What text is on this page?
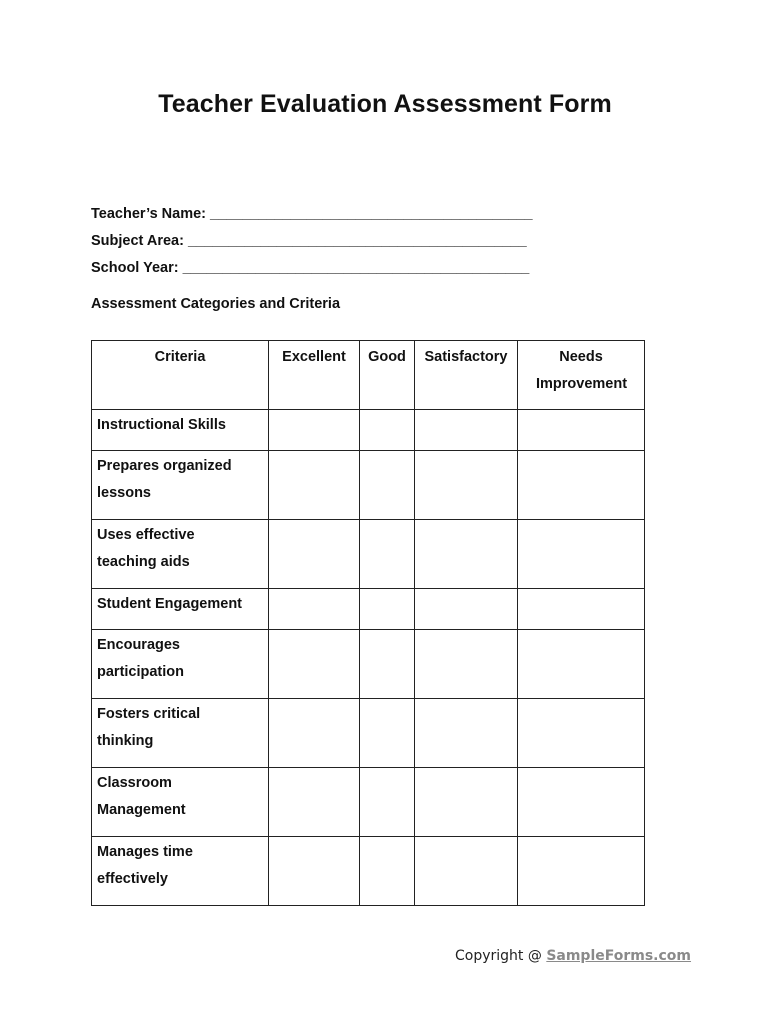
Teacher Evaluation Assessment Form
Teacher’s Name: ________________________________________
Subject Area: __________________________________________
School Year: ___________________________________________
Assessment Categories and Criteria
Criteria	Excellent	Good	Satisfactory	Needs Improvement
Instructional Skills				

Prepares organized lessons				

Uses effective teaching aids				

Student Engagement				

Encourages participation				

Fosters critical thinking				

Classroom Management				

Manages time effectively				

Copyright @ SampleForms.com
